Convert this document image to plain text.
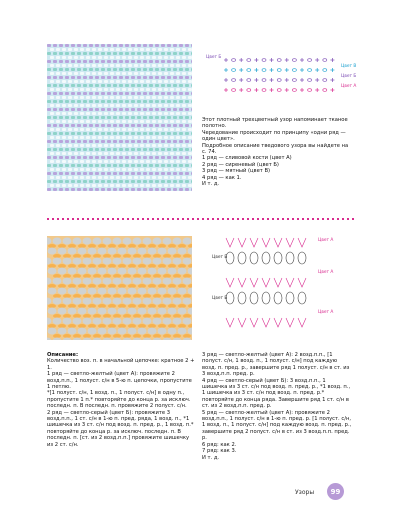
Цвет Б
Цвет В
Цвет Б
Цвет А

Этот плотный трехцветный узор напоминает тканое полотно.

Чередование происходит по принципу «одни ряд — один цвет».

Подробное описание тведового узора вы найдете на с. 74.

1 ряд — сливовой кости (цвет А)

2 ряд — сиреневый (цвет Б)

3 ряд — мятный (цвет В)

4 ряд — как 1.

И т. д.

Цвет А
Цвет Б
Цвет А
Цвет Б
Цвет А

Описание:

Количество воз. п. в начальной цепочке: кратное 2 + 1.

1 ряд — светло-желтый (цвет А): провяжите 2 возд.п.п., 1 полуст. с/н в 5-ю п. цепочки, пропустите 1 петлю.

*[1 полуст. с/н, 1 возд. п., 1 полуст. с/н] в одну п., пропустите 1 п.* повторяйте до конца р. за исключ. последн. п. В последн. п. провяжите 2 полуст. с/н.

2 ряд — светло-серый (цвет Б): провяжите 3 возд.п.п., 1 ст. с/н в 1-ю п. пред. ряда, 1 возд. п., *1 шишечка из 3 ст. с/н под возд. п. пред. р., 1 возд. п.* повторяйте до конца р. за исключ. последн. п. В последн. п. [ст. из 2 возд.п.п.] провяжите шишечку из 2 ст. с/н.

3 ряд — светло-желтый (цвет А): 2 возд.п.п., [1 полуст. с/н, 1 возд. п., 1 полуст. с/н] под каждую возд. п. пред. р., завершите ряд 1 полуст. с/н в ст. из 3 возд.п.п. пред. р.

4 ряд — светло-серый (цвет Б): 3 возд.п.п., 1 шишечка из 3 ст. с/н под возд. п. пред. р., *1 возд. п., 1 шишечка из 3 ст. с/н под возд. п. пред. р.* повторяйте до конца ряда. Завершите ряд 1 ст. с/н в ст. из 2 возд.п.п. пред. р.

5 ряд — светло-желтый (цвет А): провяжите 2 возд.п.п., 1 полуст. с/н в 1-ю п. пред. р. [1 полуст. с/н, 1 возд. п., 1 полуст. с/н] под каждую возд. п. пред. р., завершите ряд 2 полуст. с/н в ст. из 3 возд.п.п. пред. р.

6 ряд: как 2.

7 ряд: как 3.

И т. д.

Узоры 99
